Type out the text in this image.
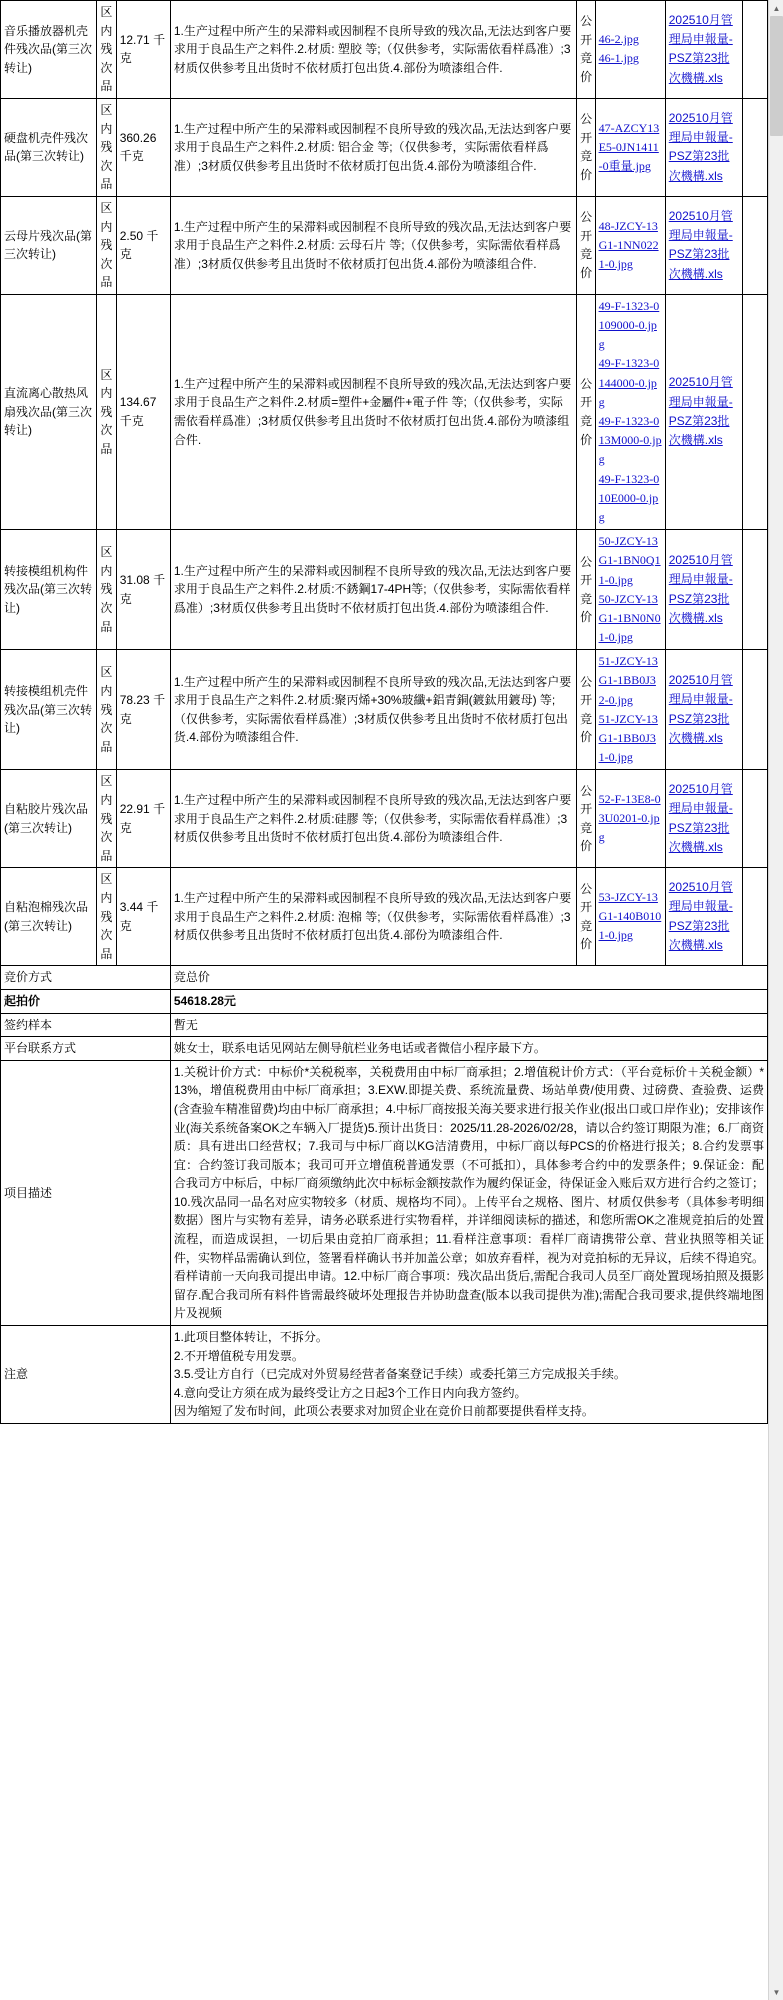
音乐播放器机壳件残次品(第三次转让)	区内残次品	12.71 千克	1.生产过程中所产生的呆滞料或因制程不良所导致的残次品,无法达到客户要求用于良品生产之料件.2.材质: 塑胶 等;（仅供参考，实际需依看样爲准）;3材质仅供参考且出货时不依材质打包出货.4.部份为喷漆组合件.	公开竞价	46-2.jpg
46-1.jpg	202510月管理局申報量-PSZ第23批次機構.xls	

硬盘机壳件残次品(第三次转让)	区内残次品	360.26 千克	1.生产过程中所产生的呆滞料或因制程不良所导致的残次品,无法达到客户要求用于良品生产之料件.2.材质: 铝合金 等;（仅供参考，实际需依看样爲准）;3材质仅供参考且出货时不依材质打包出货.4.部份为喷漆组合件.	公开竞价	47-AZCY13E5-0JN1411-0重量.jpg	202510月管理局申報量-PSZ第23批次機構.xls	

云母片残次品(第三次转让)	区内残次品	2.50 千克	1.生产过程中所产生的呆滞料或因制程不良所导致的残次品,无法达到客户要求用于良品生产之料件.2.材质: 云母石片 等;（仅供参考，实际需依看样爲准）;3材质仅供参考且出货时不依材质打包出货.4.部份为喷漆组合件.	公开竞价	48-JZCY-13G1-1NN0221-0.jpg	202510月管理局申報量-PSZ第23批次機構.xls	

直流离心散热风扇残次品(第三次转让)	区内残次品	134.67 千克	1.生产过程中所产生的呆滞料或因制程不良所导致的残次品,无法达到客户要求用于良品生产之料件.2.材质=塑件+金屬件+電子件 等;（仅供参考，实际需依看样爲准）;3材质仅供参考且出货时不依材质打包出货.4.部份为喷漆组合件.	公开竞价	49-F-1323-0109000-0.jpg
49-F-1323-0144000-0.jpg
49-F-1323-013M000-0.jpg
49-F-1323-010E000-0.jpg	202510月管理局申報量-PSZ第23批次機構.xls	

转接模组机构件残次品(第三次转让)	区内残次品	31.08 千克	1.生产过程中所产生的呆滞料或因制程不良所导致的残次品,无法达到客户要求用于良品生产之料件.2.材质:不銹鋼17-4PH等;（仅供参考，实际需依看样爲准）;3材质仅供参考且出货时不依材质打包出货.4.部份为喷漆组合件.	公开竞价	50-JZCY-13G1-1BN0Q11-0.jpg
50-JZCY-13G1-1BN0N01-0.jpg	202510月管理局申報量-PSZ第23批次機構.xls	

转接模组机壳件残次品(第三次转让)	区内残次品	78.23 千克	1.生产过程中所产生的呆滞料或因制程不良所导致的残次品,无法达到客户要求用于良品生产之料件.2.材质:聚丙烯+30%玻纖+鋁青銅(鍍鈦用鍍母) 等;（仅供参考，实际需依看样爲准）;3材质仅供参考且出货时不依材质打包出货.4.部份为喷漆组合件.	公开竞价	51-JZCY-13G1-1BB0J32-0.jpg
51-JZCY-13G1-1BB0J31-0.jpg	202510月管理局申報量-PSZ第23批次機構.xls	

自粘胶片残次品(第三次转让)	区内残次品	22.91 千克	1.生产过程中所产生的呆滞料或因制程不良所导致的残次品,无法达到客户要求用于良品生产之料件.2.材质:硅膠 等;（仅供参考，实际需依看样爲准）;3材质仅供参考且出货时不依材质打包出货.4.部份为喷漆组合件.	公开竞价	52-F-13E8-03U0201-0.jpg	202510月管理局申報量-PSZ第23批次機構.xls	

自粘泡棉残次品(第三次转让)	区内残次品	3.44 千克	1.生产过程中所产生的呆滞料或因制程不良所导致的残次品,无法达到客户要求用于良品生产之料件.2.材质: 泡棉 等;（仅供参考，实际需依看样爲准）;3材质仅供参考且出货时不依材质打包出货.4.部份为喷漆组合件.	公开竞价	53-JZCY-13G1-140B0101-0.jpg	202510月管理局申報量-PSZ第23批次機構.xls	

竞价方式			竞总价				
起拍价			54618.28元				
签约样本			暫无				
平台联系方式			姚女士，联系电话见网站左侧导航栏业务电话或者微信小程序最下方。				
项目描述			1.关税计价方式：中标价*关税税率，关税费用由中标厂商承担；2.增值税计价方式：（平台竞标价＋关税金额）*13%，增值税费用由中标厂商承担；3.EXW.即提关费、系统流量费、场站单费/使用费、过磅费、查验费、运费(含查验车精准留费)均由中标厂商承担；4.中标厂商按报关海关要求进行报关作业(报出口或口岸作业)；安排该作业(海关系统备案OK之车辆入厂提货)5.预计出货日：2025/11.28-2026/02/28，请以合约签订期限为准；6.厂商资质：具有进出口经营权；7.我司与中标厂商以KG洁清费用，中标厂商以每PCS的价格进行报关；8.合约发票事宜：合约签订我司版本；我司可开立增值税普通发票（不可抵扣），具体参考合约中的发票条件；9.保证金：配合我司方中标后，中标厂商须缴纳此次中标标金额按款作为履约保证金，待保证金入账后双方进行合约之签订；10.残次品同一品名对应实物较多（材质、规格均不同）。上传平台之规格、图片、材质仅供参考（具体参考明细数据）图片与实物有差异，请务必联系进行实物看样，并详细阅读标的描述，和您所需OK之准规竞拍后的处置流程，而造成误担，一切后果由竞拍厂商承担；11.看样注意事项：看样厂商请携带公章、营业执照等相关证件，实物样品需确认到位，签署看样确认书并加盖公章；如放弃看样，视为对竞拍标的无异议，后续不得追究。看样请前一天向我司提出申请。12.中标厂商合事项：残次品出货后,需配合我司人员至厂商处置现场拍照及摄影留存.配合我司所有料件皆需最终破坏处理报告并协助盘查(版本以我司提供为准);需配合我司要求,提供终端地图片及视频				
注意			1.此项目整体转让，不拆分。

2.不开增值税专用发票。

3.5.受让方自行（已完成对外贸易经营者备案登记手续）或委托第三方完成报关手续。

4.意向受让方须在成为最终受让方之日起3个工作日内向我方签约。

因为缩短了发布时间，此项公表要求对加贸企业在竞价日前都要提供看样支持。				

▲
▼
